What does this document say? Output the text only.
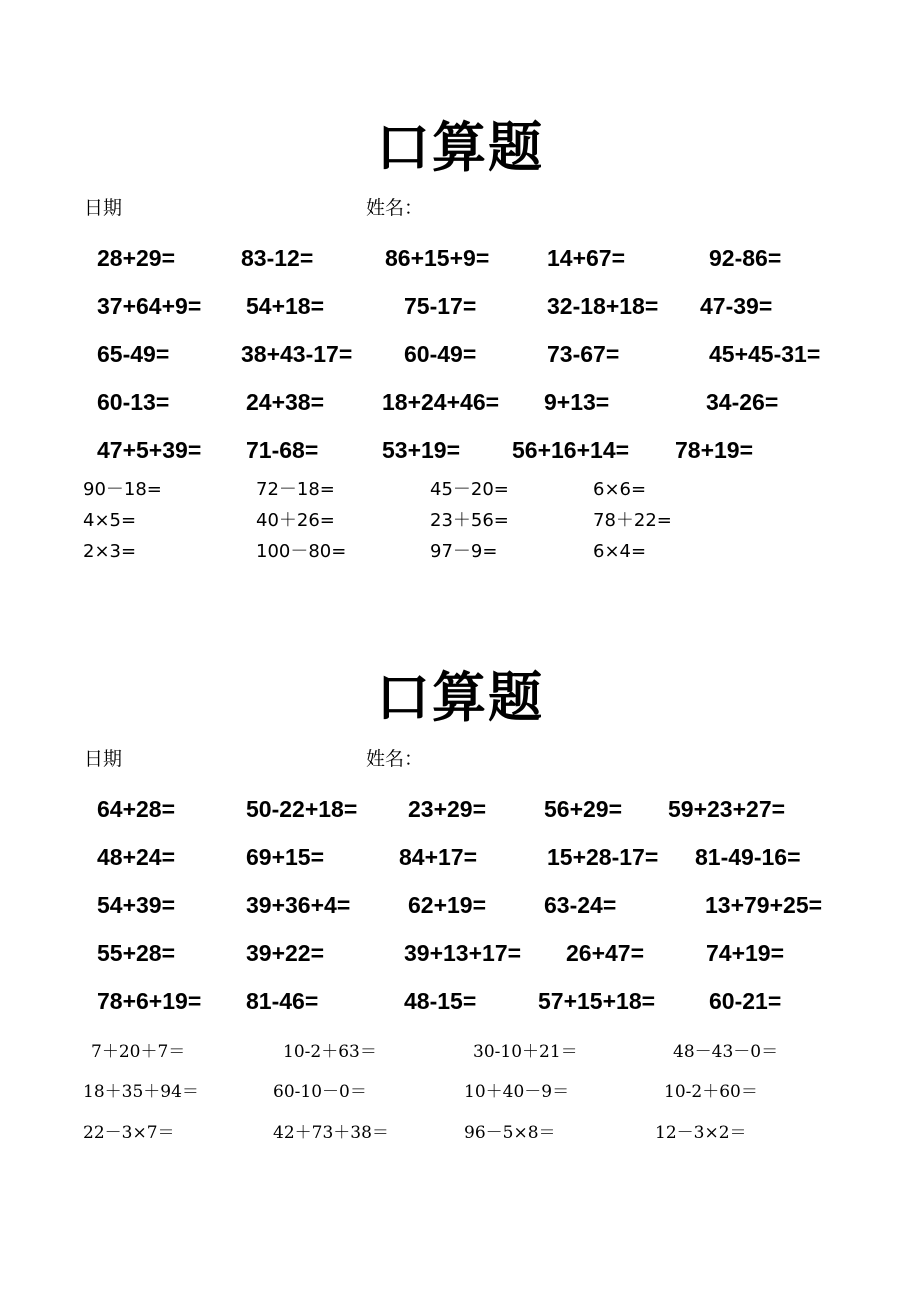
口算题
日期	姓名：
28+29=	83-12=	86+15+9=	14+67=	92-86=
37+64+9= 54+18=	75-17=	32-18+18= 47-39=
65-49=	38+43-17= 60-49=	73-67=	45+45-31=
60-13=	24+38=	18+24+46= 9+13=	34-26=
47+5+39= 71-68=	53+19= 56+16+14= 78+19=
90－18=	72－18=	45－20=	6×6=
4×5=	40＋26=	23＋56=	78＋22=
2×3=	100－80=	97－9=	6×4=
口算题
日期	姓名：
64+28=	50-22+18= 23+29=	56+29= 59+23+27=
48+24=	69+15=	84+17=	15+28-17= 81-49-16=
54+39=	39+36+4=	62+19=	63-24=	13+79+25=
55+28=	39+22=	39+13+17= 26+47=	74+19=
78+6+19= 81-46=	48-15=	57+15+18= 60-21=
7＋20＋7＝	10-2＋63＝	30-10＋21＝	48－43－0＝
18＋35＋94＝	60-10－0＝	10＋40－9＝	10-2＋60＝
22－3×7＝	42＋73＋38＝	96－5×8＝	12－3×2＝
